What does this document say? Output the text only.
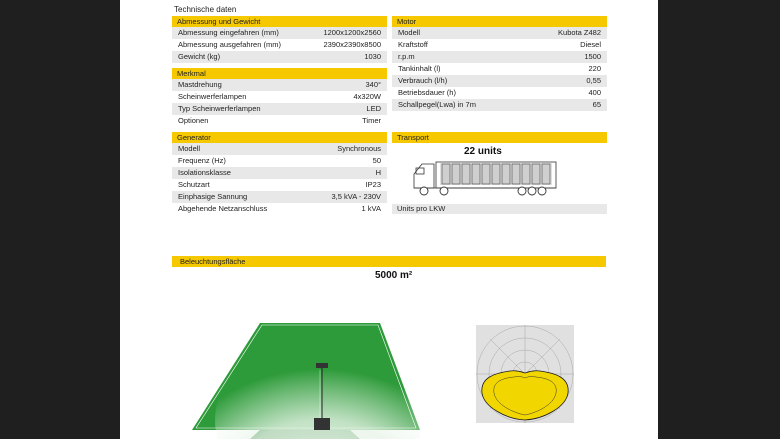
Technische daten
Abmessung und Gewicht
Abmessung eingefahren (mm)	1200x1200x2560
Abmessung ausgefahren (mm)	2390x2390x8500
Gewicht (kg)	1030
Merkmal
Mastdrehung	340°
Scheinwerferlampen	4x320W
Typ Scheinwerferlampen	LED
Optionen	Timer
Generator
Modell	Synchronous
Frequenz (Hz)	50
Isolationsklasse	H
Schutzart	IP23
Einphasige Sannung	3,5 kVA - 230V
Abgehende Netzanschluss	1 kVA
Motor
Modell	Kubota Z482
Kraftstoff	Diesel
r.p.m	1500
Tankinhalt (l)	220
Verbrauch (l/h)	0,55
Betriebsdauer (h)	400
Schallpegel(Lwa) in 7m	65
Transport
22 units
Units pro LKW
Beleuchtungsfläche
5000 m²
